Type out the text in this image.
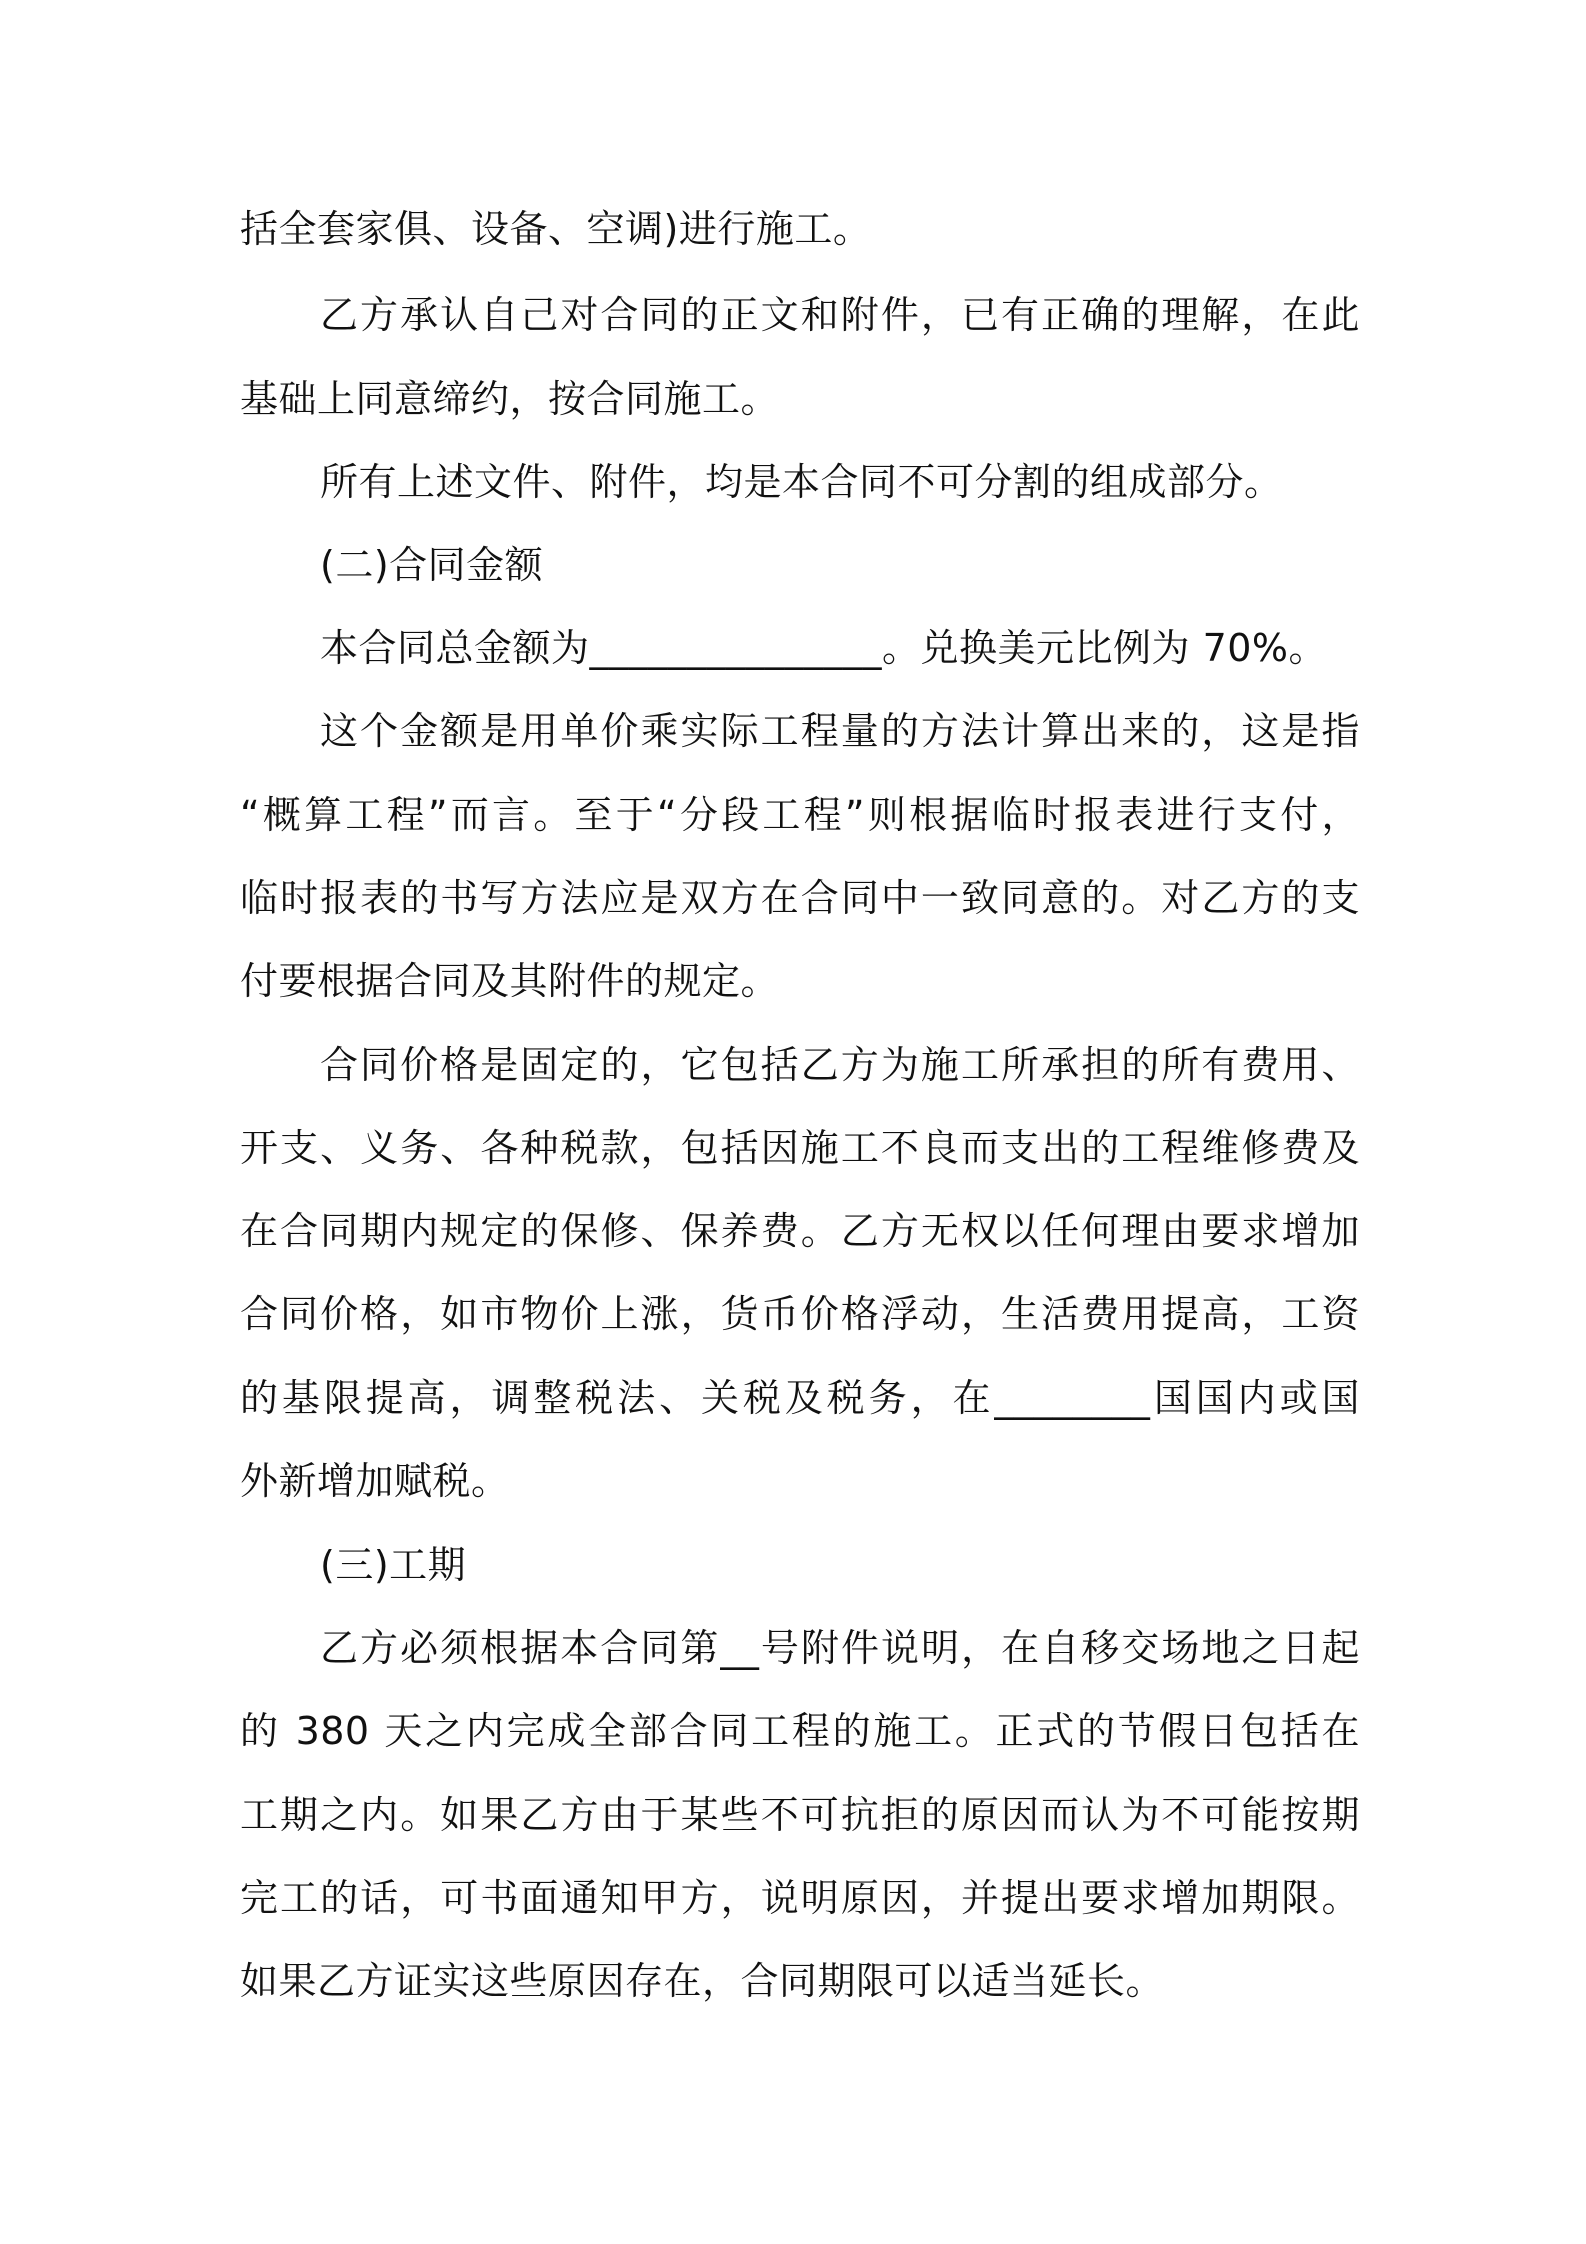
括全套家俱、设备、空调)进行施工。
乙方承认自己对合同的正文和附件，已有正确的理解，在此
基础上同意缔约，按合同施工。
所有上述文件、附件，均是本合同不可分割的组成部分。
(二)合同金额
本合同总金额为_______________。兑换美元比例为 70%。
这个金额是用单价乘实际工程量的方法计算出来的，这是指
“概算工程”而言。至于“分段工程”则根据临时报表进行支付，
临时报表的书写方法应是双方在合同中一致同意的。对乙方的支
付要根据合同及其附件的规定。
合同价格是固定的，它包括乙方为施工所承担的所有费用、
开支、义务、各种税款，包括因施工不良而支出的工程维修费及
在合同期内规定的保修、保养费。乙方无权以任何理由要求增加
合同价格，如市物价上涨，货币价格浮动，生活费用提高，工资
的基限提高，调整税法、关税及税务，在________国国内或国
外新增加赋税。
(三)工期
乙方必须根据本合同第__号附件说明，在自移交场地之日起
的 380 天之内完成全部合同工程的施工。正式的节假日包括在
工期之内。如果乙方由于某些不可抗拒的原因而认为不可能按期
完工的话，可书面通知甲方，说明原因，并提出要求增加期限。
如果乙方证实这些原因存在，合同期限可以适当延长。
